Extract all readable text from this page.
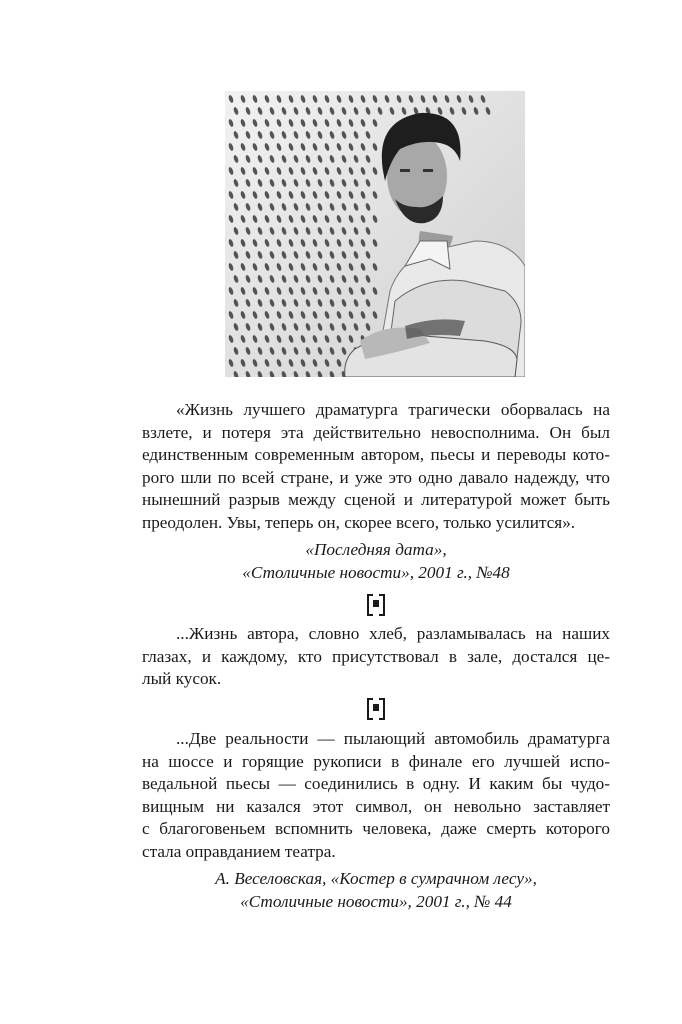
«Жизнь лучшего драматурга трагически оборвалась на
взлете, и потеря эта действительно невосполнима. Он был
единственным современным автором, пьесы и переводы кото-
рого шли по всей стране, и уже это одно давало надежду, что
нынешний разрыв между сценой и литературой может быть
преодолен. Увы, теперь он, скорее всего, только усилится».
«Последняя дата»,
«Столичные новости», 2001 г., №48
...Жизнь автора, словно хлеб, разламывалась на наших
глазах, и каждому, кто присутствовал в зале, достался це-
лый кусок.
...Две реальности — пылающий автомобиль драматурга
на шоссе и горящие рукописи в финале его лучшей испо-
ведальной пьесы — соединились в одну. И каким бы чудо-
вищным ни казался этот символ, он невольно заставляет
с благоговеньем вспомнить человека, даже смерть которого
стала оправданием театра.
А. Веселовская, «Костер в сумрачном лесу»,
«Столичные новости», 2001 г., № 44
